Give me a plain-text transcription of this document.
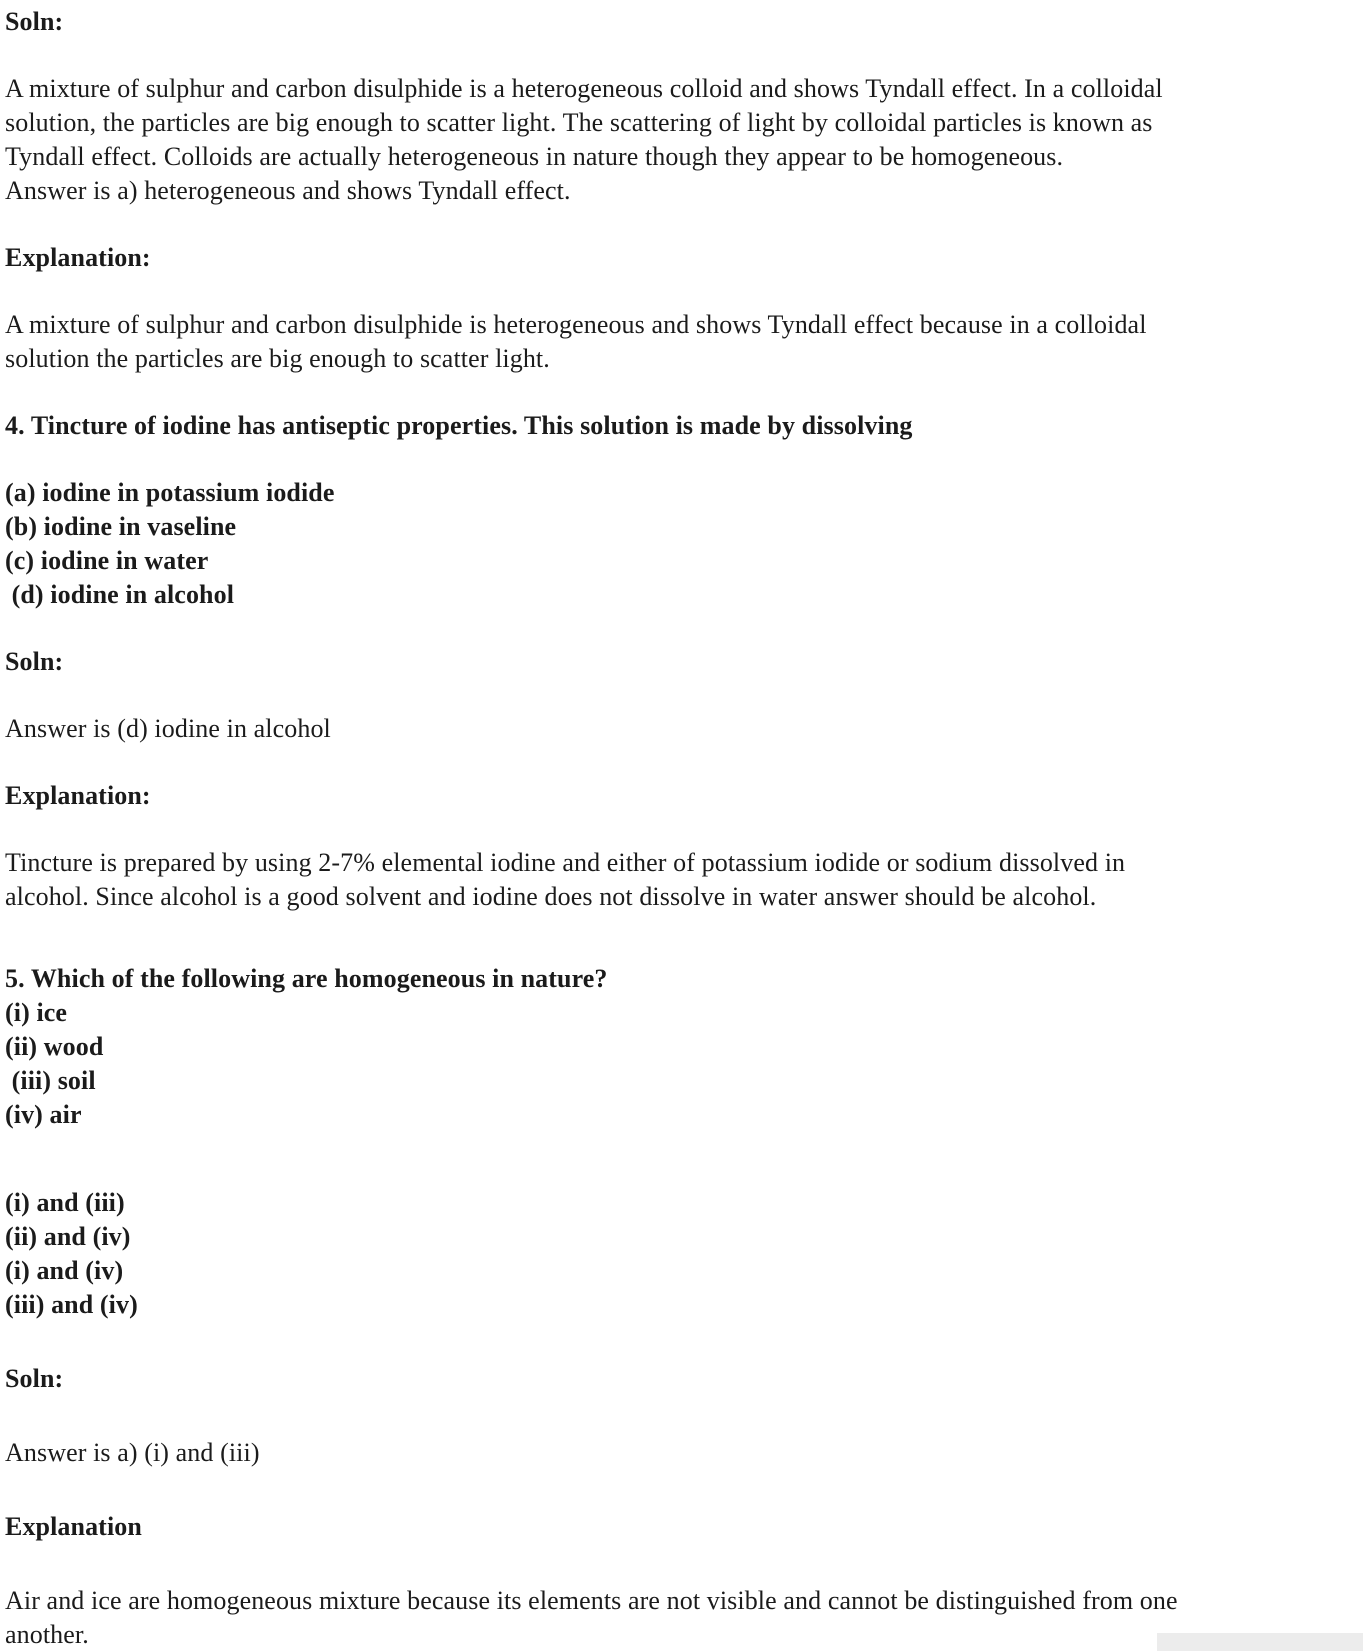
Soln:
A mixture of sulphur and carbon disulphide is a heterogeneous colloid and shows Tyndall effect. In a colloidal
solution, the particles are big enough to scatter light. The scattering of light by colloidal particles is known as
Tyndall effect. Colloids are actually heterogeneous in nature though they appear to be homogeneous.
Answer is a) heterogeneous and shows Tyndall effect.
Explanation:
A mixture of sulphur and carbon disulphide is heterogeneous and shows Tyndall effect because in a colloidal
solution the particles are big enough to scatter light.
4. Tincture of iodine has antiseptic properties. This solution is made by dissolving
(a) iodine in potassium iodide
(b) iodine in vaseline
(c) iodine in water
(d) iodine in alcohol
Soln:
Answer is (d) iodine in alcohol
Explanation:
Tincture is prepared by using 2-7% elemental iodine and either of potassium iodide or sodium dissolved in
alcohol. Since alcohol is a good solvent and iodine does not dissolve in water answer should be alcohol.
5. Which of the following are homogeneous in nature?
(i) ice
(ii) wood
(iii) soil
(iv) air
(i) and (iii)
(ii) and (iv)
(i) and (iv)
(iii) and (iv)
Soln:
Answer is a) (i) and (iii)
Explanation
Air and ice are homogeneous mixture because its elements are not visible and cannot be distinguished from one
another.
